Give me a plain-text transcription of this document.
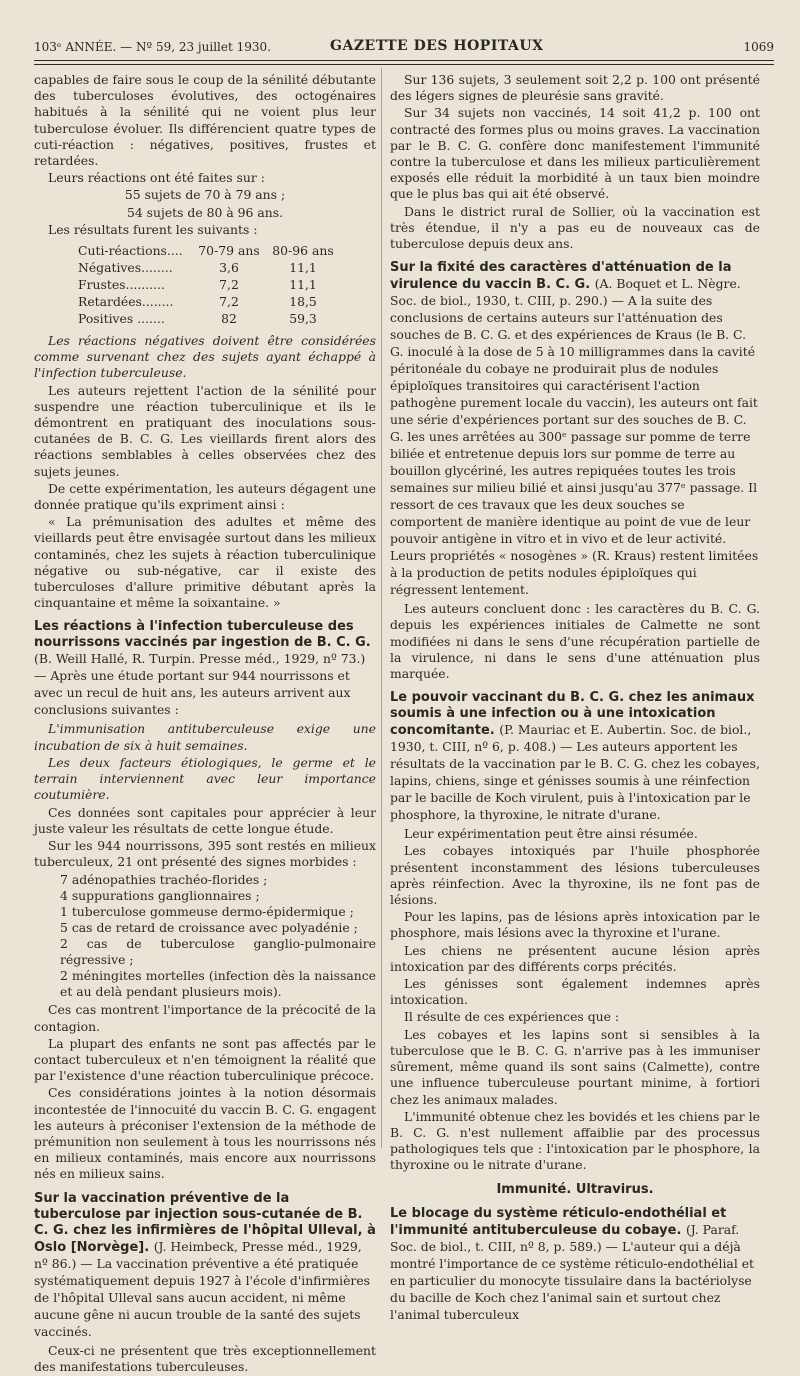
103ᵉ ANNÉE. — Nº 59, 23 juillet 1930.	GAZETTE DES HOPITAUX	1069

capables de faire sous le coup de la sénilité débutante des tuberculoses évolutives, des octogénaires habitués à la sénilité qui ne voient plus leur tuberculose évoluer. Ils différencient quatre types de cuti-réaction : négatives, positives, frustes et retardées.

Leurs réactions ont été faites sur :

55 sujets de 70 à 79 ans ;

54 sujets de 80 à 96 ans.

Les résultats furent les suivants :

Cuti-réactions....	70-79 ans	80-96 ans
Négatives........	3,6	11,1
Frustes..........	7,2	11,1
Retardées........	7,2	18,5
Positives .......	82	59,3

Les réactions négatives doivent être considérées comme survenant chez des sujets ayant échappé à l'infection tuberculeuse.

Les auteurs rejettent l'action de la sénilité pour suspendre une réaction tuberculinique et ils le démontrent en pratiquant des inoculations sous-cutanées de B. C. G. Les vieillards firent alors des réactions semblables à celles observées chez des sujets jeunes.

De cette expérimentation, les auteurs dégagent une donnée pratique qu'ils expriment ainsi :

« La prémunisation des adultes et même des vieillards peut être envisagée surtout dans les milieux contaminés, chez les sujets à réaction tuberculinique négative ou sub-négative, car il existe des tuberculoses d'allure primitive débutant après la cinquantaine et même la soixantaine. »

Les réactions à l'infection tuberculeuse des nourrissons vaccinés par ingestion de B. C. G. (B. Weill Hallé, R. Turpin. Presse méd., 1929, nº 73.) — Après une étude portant sur 944 nourrissons et avec un recul de huit ans, les auteurs arrivent aux conclusions suivantes :

L'immunisation antituberculeuse exige une incubation de six à huit semaines.

Les deux facteurs étiologiques, le germe et le terrain interviennent avec leur importance coutumière.

Ces données sont capitales pour apprécier à leur juste valeur les résultats de cette longue étude.

Sur les 944 nourrissons, 395 sont restés en milieux tuberculeux, 21 ont présenté des signes morbides :

7 adénopathies trachéo-florides ;
4 suppurations ganglionnaires ;
1 tuberculose gommeuse dermo-épidermique ;
5 cas de retard de croissance avec polyadénie ;
2 cas de tuberculose ganglio-pulmonaire régressive ;
2 méningites mortelles (infection dès la naissance et au delà pendant plusieurs mois).

Ces cas montrent l'importance de la précocité de la contagion.

La plupart des enfants ne sont pas affectés par le contact tuberculeux et n'en témoignent la réalité que par l'existence d'une réaction tuberculinique précoce.

Ces considérations jointes à la notion désormais incontestée de l'innocuité du vaccin B. C. G. engagent les auteurs à préconiser l'extension de la méthode de prémunition non seulement à tous les nourrissons nés en milieux contaminés, mais encore aux nourrissons nés en milieux sains.

Sur la vaccination préventive de la tuberculose par injection sous-cutanée de B. C. G. chez les infirmières de l'hôpital Ulleval, à Oslo [Norvège]. (J. Heimbeck, Presse méd., 1929, nº 86.) — La vaccination préventive a été pratiquée systématiquement depuis 1927 à l'école d'infirmières de l'hôpital Ulleval sans aucun accident, ni même aucune gêne ni aucun trouble de la santé des sujets vaccinés.

Ceux-ci ne présentent que très exceptionnellement des manifestations tuberculeuses.

Sur 136 sujets, 3 seulement soit 2,2 p. 100 ont présenté des légers signes de pleurésie sans gravité.

Sur 34 sujets non vaccinés, 14 soit 41,2 p. 100 ont contracté des formes plus ou moins graves. La vaccination par le B. C. G. confère donc manifestement l'immunité contre la tuberculose et dans les milieux particulièrement exposés elle réduit la morbidité à un taux bien moindre que le plus bas qui ait été observé.

Dans le district rural de Sollier, où la vaccination est très étendue, il n'y a pas eu de nouveaux cas de tuberculose depuis deux ans.

Sur la fixité des caractères d'atténuation de la virulence du vaccin B. C. G. (A. Boquet et L. Nègre. Soc. de biol., 1930, t. CIII, p. 290.) — A la suite des conclusions de certains auteurs sur l'atténuation des souches de B. C. G. et des expériences de Kraus (le B. C. G. inoculé à la dose de 5 à 10 milligrammes dans la cavité péritonéale du cobaye ne produirait plus de nodules épiploïques transitoires qui caractérisent l'action pathogène purement locale du vaccin), les auteurs ont fait une série d'expériences portant sur des souches de B. C. G. les unes arrêtées au 300ᵉ passage sur pomme de terre biliée et entretenue depuis lors sur pomme de terre au bouillon glycériné, les autres repiquées toutes les trois semaines sur milieu bilié et ainsi jusqu'au 377ᵉ passage. Il ressort de ces travaux que les deux souches se comportent de manière identique au point de vue de leur pouvoir antigène in vitro et in vivo et de leur activité. Leurs propriétés « nosogènes » (R. Kraus) restent limitées à la production de petits nodules épiploïques qui régressent lentement.

Les auteurs concluent donc : les caractères du B. C. G. depuis les expériences initiales de Calmette ne sont modifiées ni dans le sens d'une récupération partielle de la virulence, ni dans le sens d'une atténuation plus marquée.

Le pouvoir vaccinant du B. C. G. chez les animaux soumis à une infection ou à une intoxication concomitante. (P. Mauriac et E. Aubertin. Soc. de biol., 1930, t. CIII, nº 6, p. 408.) — Les auteurs apportent les résultats de la vaccination par le B. C. G. chez les cobayes, lapins, chiens, singe et génisses soumis à une réinfection par le bacille de Koch virulent, puis à l'intoxication par le phosphore, la thyroxine, le nitrate d'urane.

Leur expérimentation peut être ainsi résumée.

Les cobayes intoxiqués par l'huile phosphorée présentent inconstamment des lésions tuberculeuses après réinfection. Avec la thyroxine, ils ne font pas de lésions.

Pour les lapins, pas de lésions après intoxication par le phosphore, mais lésions avec la thyroxine et l'urane.

Les chiens ne présentent aucune lésion après intoxication par des différents corps précités.

Les génisses sont également indemnes après intoxication.

Il résulte de ces expériences que :

Les cobayes et les lapins sont si sensibles à la tuberculose que le B. C. G. n'arrive pas à les immuniser sûrement, même quand ils sont sains (Calmette), contre une influence tuberculeuse pourtant minime, à fortiori chez les animaux malades.

L'immunité obtenue chez les bovidés et les chiens par le B. C. G. n'est nullement affaiblie par des processus pathologiques tels que : l'intoxication par le phosphore, la thyroxine ou le nitrate d'urane.

Immunité. Ultravirus.
Le blocage du système réticulo-endothélial et l'immunité antituberculeuse du cobaye. (J. Paraf. Soc. de biol., t. CIII, nº 8, p. 589.) — L'auteur qui a déjà montré l'importance de ce système réticulo-endothélial et en particulier du monocyte tissulaire dans la bactériolyse du bacille de Koch chez l'animal sain et surtout chez l'animal tuberculeux
